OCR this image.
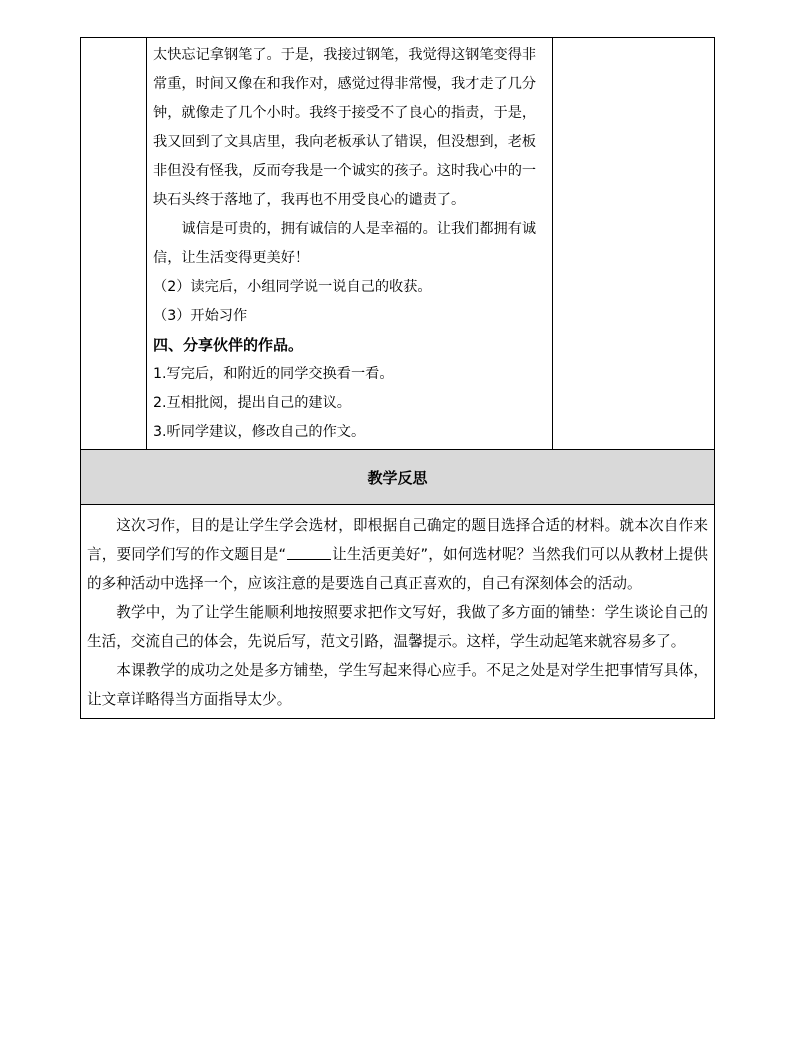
太快忘记拿钢笔了。于是，我接过钢笔，我觉得这钢笔变得非常重，时间又像在和我作对，感觉过得非常慢，我才走了几分钟，就像走了几个小时。我终于接受不了良心的指责，于是，我又回到了文具店里，我向老板承认了错误，但没想到，老板非但没有怪我，反而夸我是一个诚实的孩子。这时我心中的一块石头终于落地了，我再也不用受良心的谴责了。

诚信是可贵的，拥有诚信的人是幸福的。让我们都拥有诚信，让生活变得更美好！

（2）读完后，小组同学说一说自己的收获。

（3）开始习作

四、分享伙伴的作品。

1.写完后，和附近的同学交换看一看。

2.互相批阅，提出自己的建议。

3.听同学建议，修改自己的作文。

教学反思

这次习作，目的是让学生学会选材，即根据自己确定的题目选择合适的材料。就本次自作来言，要同学们写的作文题目是“	让生活更美好”，如何选材呢？当然我们可以从教材上提供的多种活动中选择一个，应该注意的是要选自己真正喜欢的，自己有深刻体会的活动。

教学中，为了让学生能顺利地按照要求把作文写好，我做了多方面的铺垫：学生谈论自己的生活，交流自己的体会，先说后写，范文引路，温馨提示。这样，学生动起笔来就容易多了。

本课教学的成功之处是多方铺垫，学生写起来得心应手。不足之处是对学生把事情写具体，让文章详略得当方面指导太少。
